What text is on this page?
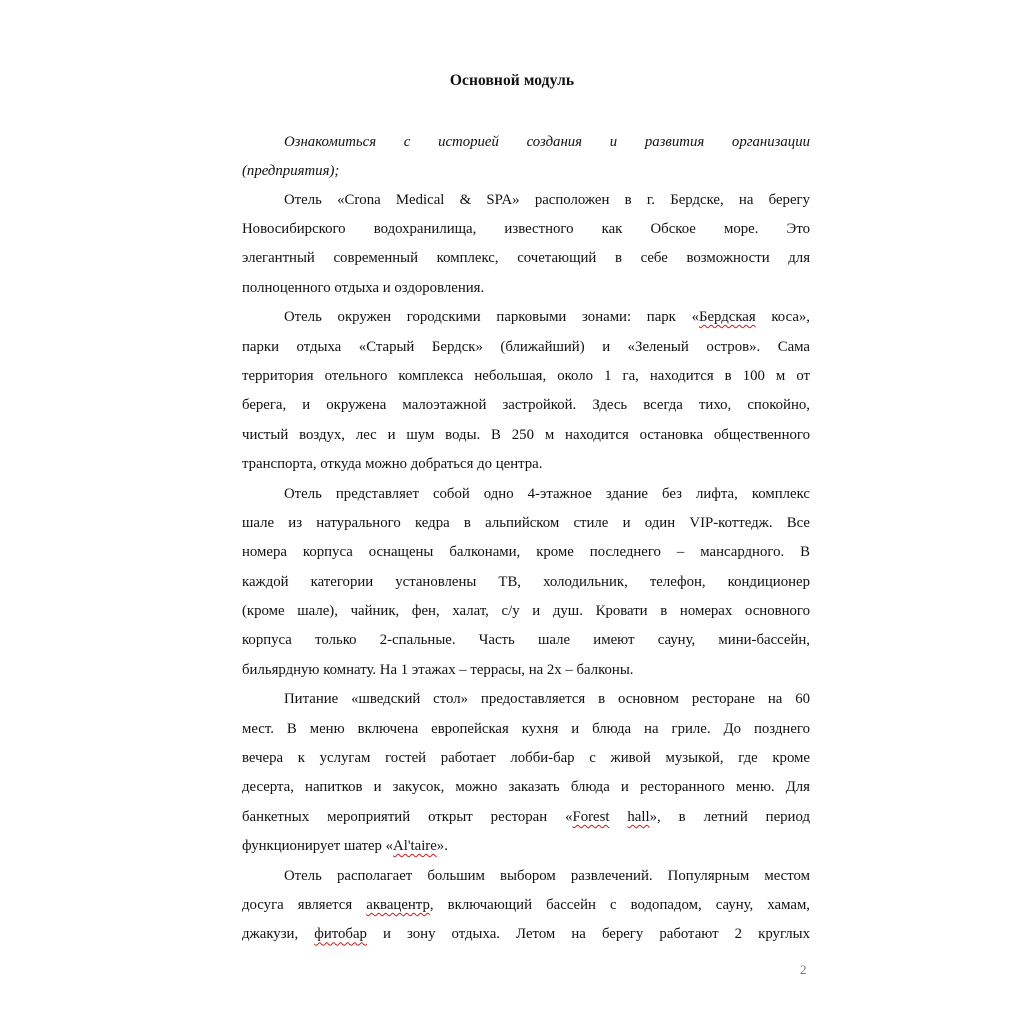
Основной модуль
Ознакомиться с историей создания и развития организации
(предприятия);
Отель «Crona Medical & SPA» расположен в г. Бердске, на берегу
Новосибирского водохранилища, известного как Обское море. Это
элегантный современный комплекс, сочетающий в себе возможности для
полноценного отдыха и оздоровления.
Отель окружен городскими парковыми зонами: парк «Бердская коса»,
парки отдыха «Старый Бердск» (ближайший) и «Зеленый остров». Сама
территория отельного комплекса небольшая, около 1 га, находится в 100 м от
берега, и окружена малоэтажной застройкой. Здесь всегда тихо, спокойно,
чистый воздух, лес и шум воды. В 250 м находится остановка общественного
транспорта, откуда можно добраться до центра.
Отель представляет собой одно 4-этажное здание без лифта, комплекс
шале из натурального кедра в альпийском стиле и один VIP-коттедж. Все
номера корпуса оснащены балконами, кроме последнего – мансардного. В
каждой категории установлены ТВ, холодильник, телефон, кондиционер
(кроме шале), чайник, фен, халат, с/у и душ. Кровати в номерах основного
корпуса только 2-спальные. Часть шале имеют сауну, мини-бассейн,
бильярдную комнату. На 1 этажах – террасы, на 2х – балконы.
Питание «шведский стол» предоставляется в основном ресторане на 60
мест. В меню включена европейская кухня и блюда на гриле. До позднего
вечера к услугам гостей работает лобби-бар с живой музыкой, где кроме
десерта, напитков и закусок, можно заказать блюда и ресторанного меню. Для
банкетных мероприятий открыт ресторан «Forest hall», в летний период
функционирует шатер «Al'taire».
Отель располагает большим выбором развлечений. Популярным местом
досуга является аквацентр, включающий бассейн с водопадом, сауну, хамам,
джакузи, фитобар и зону отдыха. Летом на берегу работают 2 круглых
2
